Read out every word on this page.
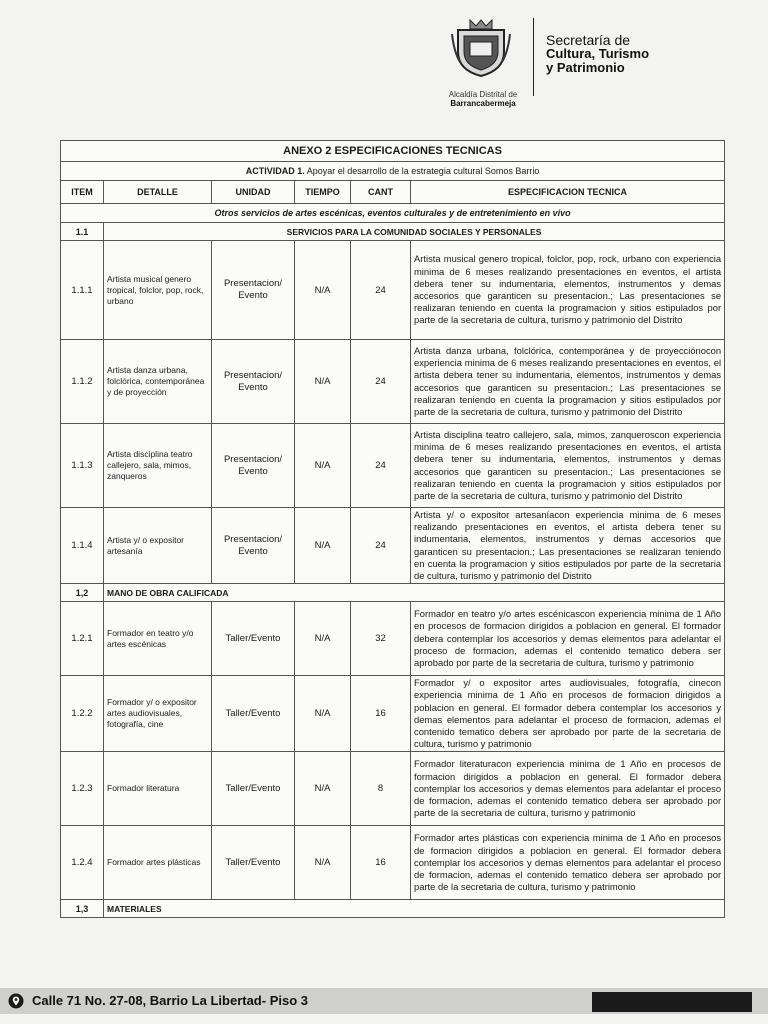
Alcaldía Distrital de
Barrancabermeja
Secretaría de
Cultura, Turismo
y Patrimonio
ANEXO 2 ESPECIFICACIONES TECNICAS					
ACTIVIDAD 1. Apoyar el desarrollo de la estrategia cultural Somos Barrio					
ITEM	DETALLE	UNIDAD	TIEMPO	CANT	ESPECIFICACION TECNICA
Otros servicios de artes escénicas, eventos culturales y de entretenimiento en vivo					
1.1	SERVICIOS PARA LA COMUNIDAD SOCIALES Y PERSONALES				
1.1.1	Artista musical genero tropical, folclor, pop, rock, urbano	Presentacion/ Evento	N/A	24	Artista musical genero tropical, folclor, pop, rock, urbano con experiencia minima de 6 meses realizando presentaciones en eventos, el artista debera tener su indumentaria, elementos, instrumentos y demas accesorios que garanticen su presentacion.; Las presentaciones se realizaran teniendo en cuenta la programacion y sitios estipulados por parte de la secretaria de cultura, turismo y patrimonio del Distrito
1.1.2	Artista danza urbana, folclórica, contemporánea y de proyección	Presentacion/ Evento	N/A	24	Artista danza urbana, folclórica, contemporánea y de proyecciónocon experiencia minima de 6 meses realizando presentaciones en eventos, el artista debera tener su indumentaria, elementos, instrumentos y demas accesorios que garanticen su presentacion.; Las presentaciones se realizaran teniendo en cuenta la programacion y sitios estipulados por parte de la secretaria de cultura, turismo y patrimonio del Distrito
1.1.3	Artista disciplina teatro callejero, sala, mimos, zanqueros	Presentacion/ Evento	N/A	24	Artista disciplina teatro callejero, sala, mimos, zanqueroscon experiencia minima de 6 meses realizando presentaciones en eventos, el artista debera tener su indumentaria, elementos, instrumentos y demas accesorios que garanticen su presentacion.; Las presentaciones se realizaran teniendo en cuenta la programacion y sitios estipulados por parte de la secretaria de cultura, turismo y patrimonio del Distrito
1.1.4	Artista y/ o expositor artesanía	Presentacion/ Evento	N/A	24	Artista y/ o expositor artesaníacon experiencia minima de 6 meses realizando presentaciones en eventos, el artista debera tener su indumentaria, elementos, instrumentos y demas accesorios que garanticen su presentacion.; Las presentaciones se realizaran teniendo en cuenta la programacion y sitios estipulados por parte de la secretaria de cultura, turismo y patrimonio del Distrito
1,2	MANO DE OBRA CALIFICADA				
1.2.1	Formador en teatro y/o artes escénicas	Taller/Evento	N/A	32	Formador en teatro y/o artes escénicascon experiencia minima de 1 Año en procesos de formacion dirigidos a poblacion en general. El formador debera contemplar los accesorios y demas elementos para adelantar el proceso de formacion, ademas el contenido tematico debera ser aprobado por parte de la secretaria de cultura, turismo y patrimonio
1.2.2	Formador y/ o expositor artes audiovisuales, fotografía, cine	Taller/Evento	N/A	16	Formador y/ o expositor artes audiovisuales, fotografía, cinecon experiencia minima de 1 Año en procesos de formacion dirigidos a poblacion en general. El formador debera contemplar los accesorios y demas elementos para adelantar el proceso de formacion, ademas el contenido tematico debera ser aprobado por parte de la secretaria de cultura, turismo y patrimonio
1.2.3	Formador literatura	Taller/Evento	N/A	8	Formador literaturacon experiencia minima de 1 Año en procesos de formacion dirigidos a poblacion en general. El formador debera contemplar los accesorios y demas elementos para adelantar el proceso de formacion, ademas el contenido tematico debera ser aprobado por parte de la secretaria de cultura, turismo y patrimonio
1.2.4	Formador artes plásticas	Taller/Evento	N/A	16	Formador artes plásticas con experiencia minima de 1 Año en procesos de formacion dirigidos a poblacion en general. El formador debera contemplar los accesorios y demas elementos para adelantar el proceso de formacion, ademas el contenido tematico debera ser aprobado por parte de la secretaria de cultura, turismo y patrimonio
1,3	MATERIALES				
Calle 71 No. 27-08, Barrio La Libertad- Piso 3
